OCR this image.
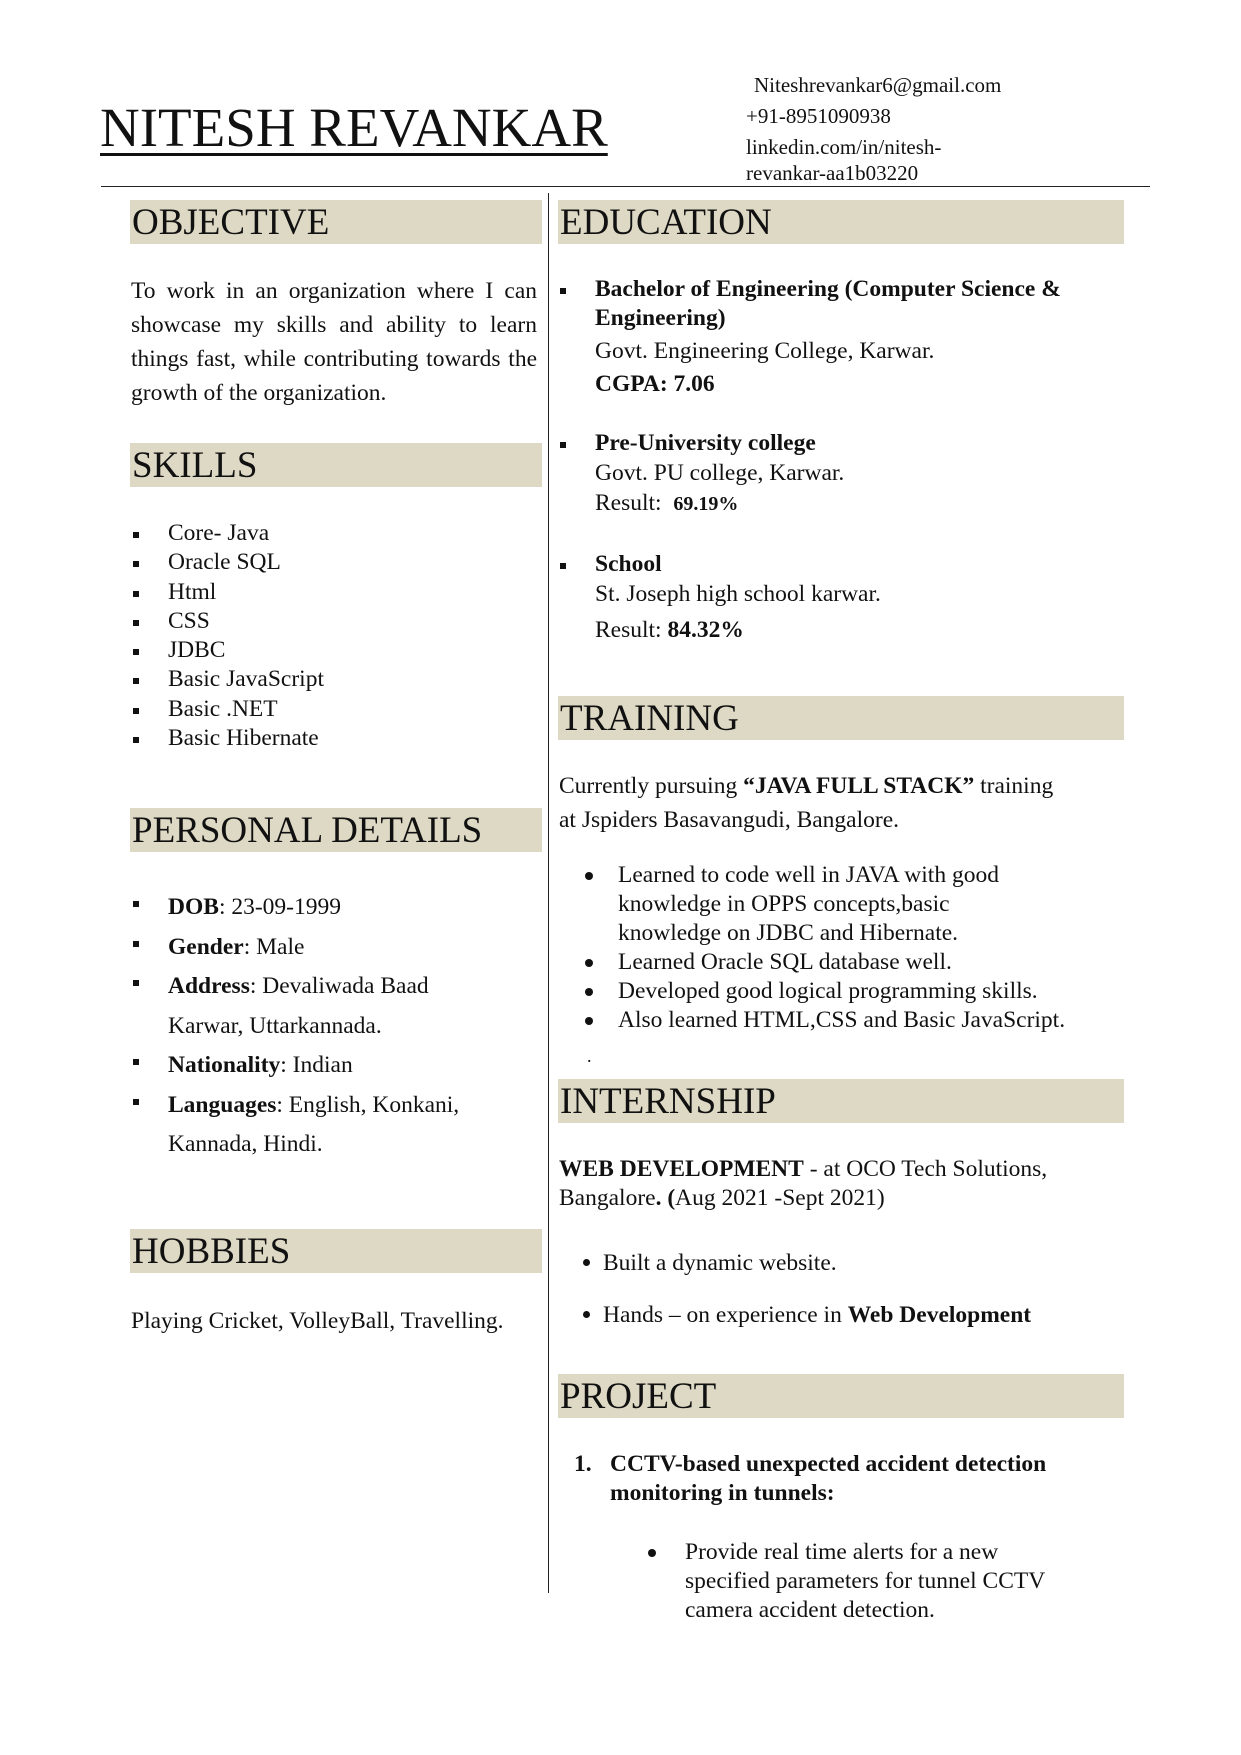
NITESH REVANKAR
Niteshrevankar6@gmail.com
+91-8951090938
linkedin.com/in/nitesh-
revankar-aa1b03220
OBJECTIVE
To work in an organization where I can showcase my skills and ability to learn things fast, while contributing towards the growth of the organization.
SKILLS
Core- Java
Oracle SQL
Html
CSS
JDBC
Basic JavaScript
Basic .NET
Basic Hibernate
PERSONAL DETAILS
DOB: 23-09-1999
Gender: Male
Address: Devaliwada Baad
Karwar, Uttarkannada.
Nationality: Indian
Languages: English, Konkani,
Kannada, Hindi.
HOBBIES
Playing Cricket, VolleyBall, Travelling.
EDUCATION
Bachelor of Engineering (Computer Science &
Engineering)
Govt. Engineering College, Karwar.
CGPA: 7.06
Pre-University college
Govt. PU college, Karwar.
Result: 69.19%
School
St. Joseph high school karwar.
Result: 84.32%
TRAINING
Currently pursuing “JAVA FULL STACK” training
at Jspiders Basavangudi, Bangalore.
Learned to code well in JAVA with good
knowledge in OPPS concepts,basic
knowledge on JDBC and Hibernate.
Learned Oracle SQL database well.
Developed good logical programming skills.
Also learned HTML,CSS and Basic JavaScript.
.
INTERNSHIP
WEB DEVELOPMENT - at OCO Tech Solutions,
Bangalore. (Aug 2021 -Sept 2021)
Built a dynamic website.
Hands – on experience in Web Development
PROJECT
1. CCTV-based unexpected accident detection
monitoring in tunnels:
Provide real time alerts for a new
specified parameters for tunnel CCTV
camera accident detection.
